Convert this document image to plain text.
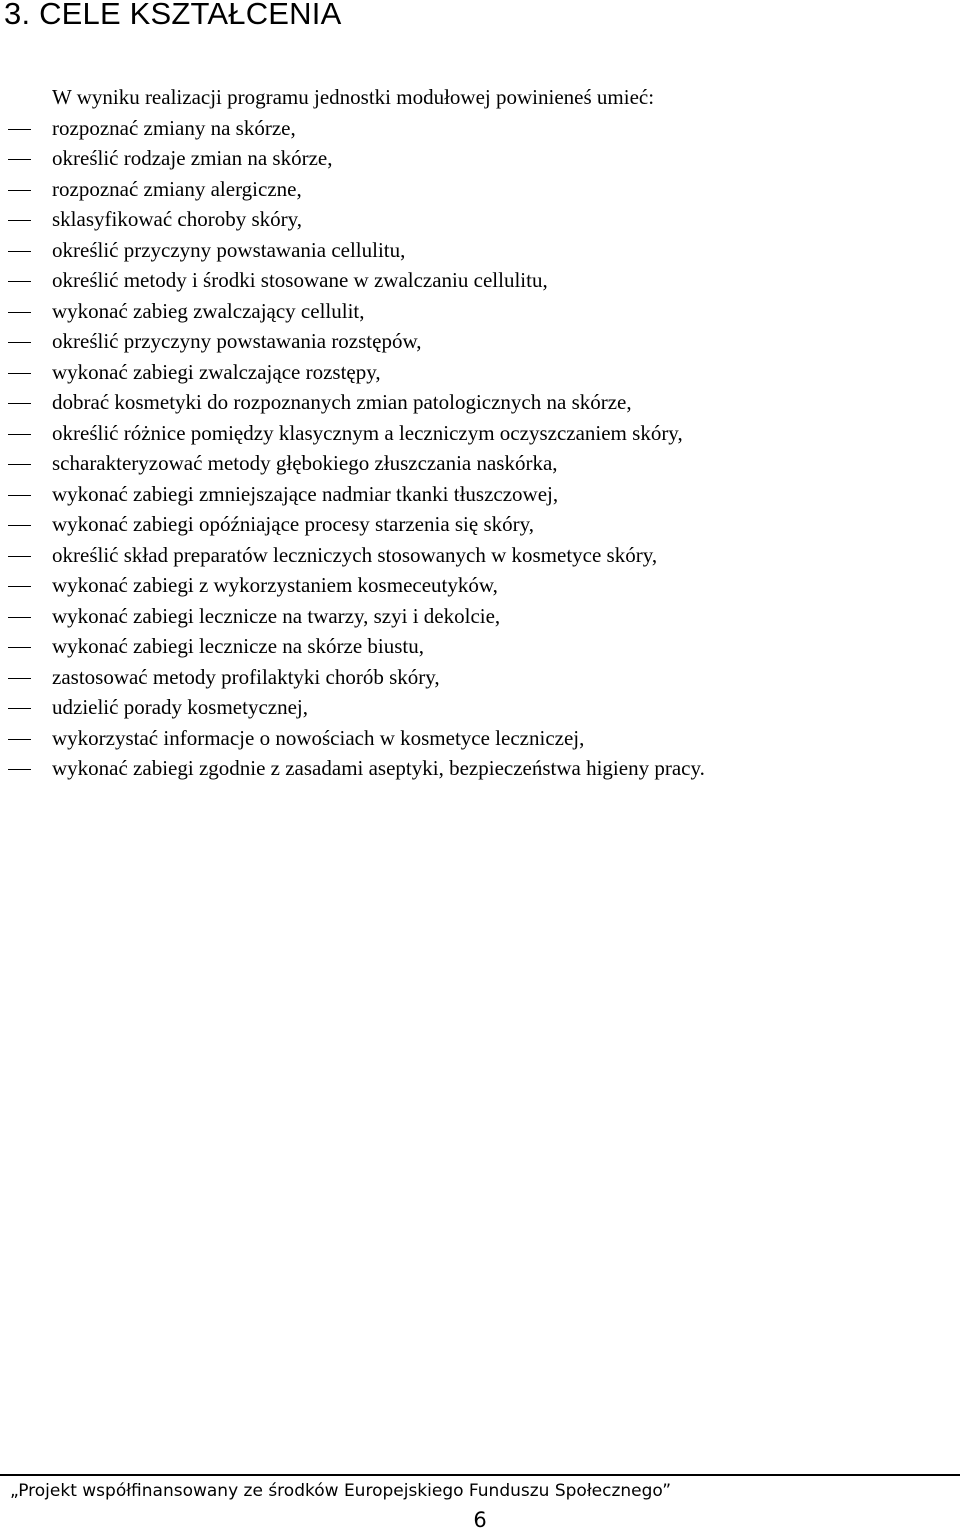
3. CELE KSZTAŁCENIA
W wyniku realizacji programu jednostki modułowej powinieneś umieć:
rozpoznać zmiany na skórze,
określić rodzaje zmian na skórze,
rozpoznać zmiany alergiczne,
sklasyfikować choroby skóry,
określić przyczyny powstawania cellulitu,
określić metody i środki stosowane w zwalczaniu cellulitu,
wykonać zabieg zwalczający cellulit,
określić przyczyny powstawania rozstępów,
wykonać zabiegi zwalczające rozstępy,
dobrać kosmetyki do rozpoznanych zmian patologicznych na skórze,
określić różnice pomiędzy klasycznym a leczniczym oczyszczaniem skóry,
scharakteryzować metody głębokiego złuszczania naskórka,
wykonać zabiegi zmniejszające nadmiar tkanki tłuszczowej,
wykonać zabiegi opóźniające procesy starzenia się skóry,
określić skład preparatów leczniczych stosowanych w kosmetyce skóry,
wykonać zabiegi z wykorzystaniem kosmeceutyków,
wykonać zabiegi lecznicze na twarzy, szyi i dekolcie,
wykonać zabiegi lecznicze na skórze biustu,
zastosować metody profilaktyki chorób skóry,
udzielić porady kosmetycznej,
wykorzystać informacje o nowościach w kosmetyce leczniczej,
wykonać zabiegi zgodnie z zasadami aseptyki, bezpieczeństwa higieny pracy.
„Projekt współfinansowany ze środków Europejskiego Funduszu Społecznego”
6
